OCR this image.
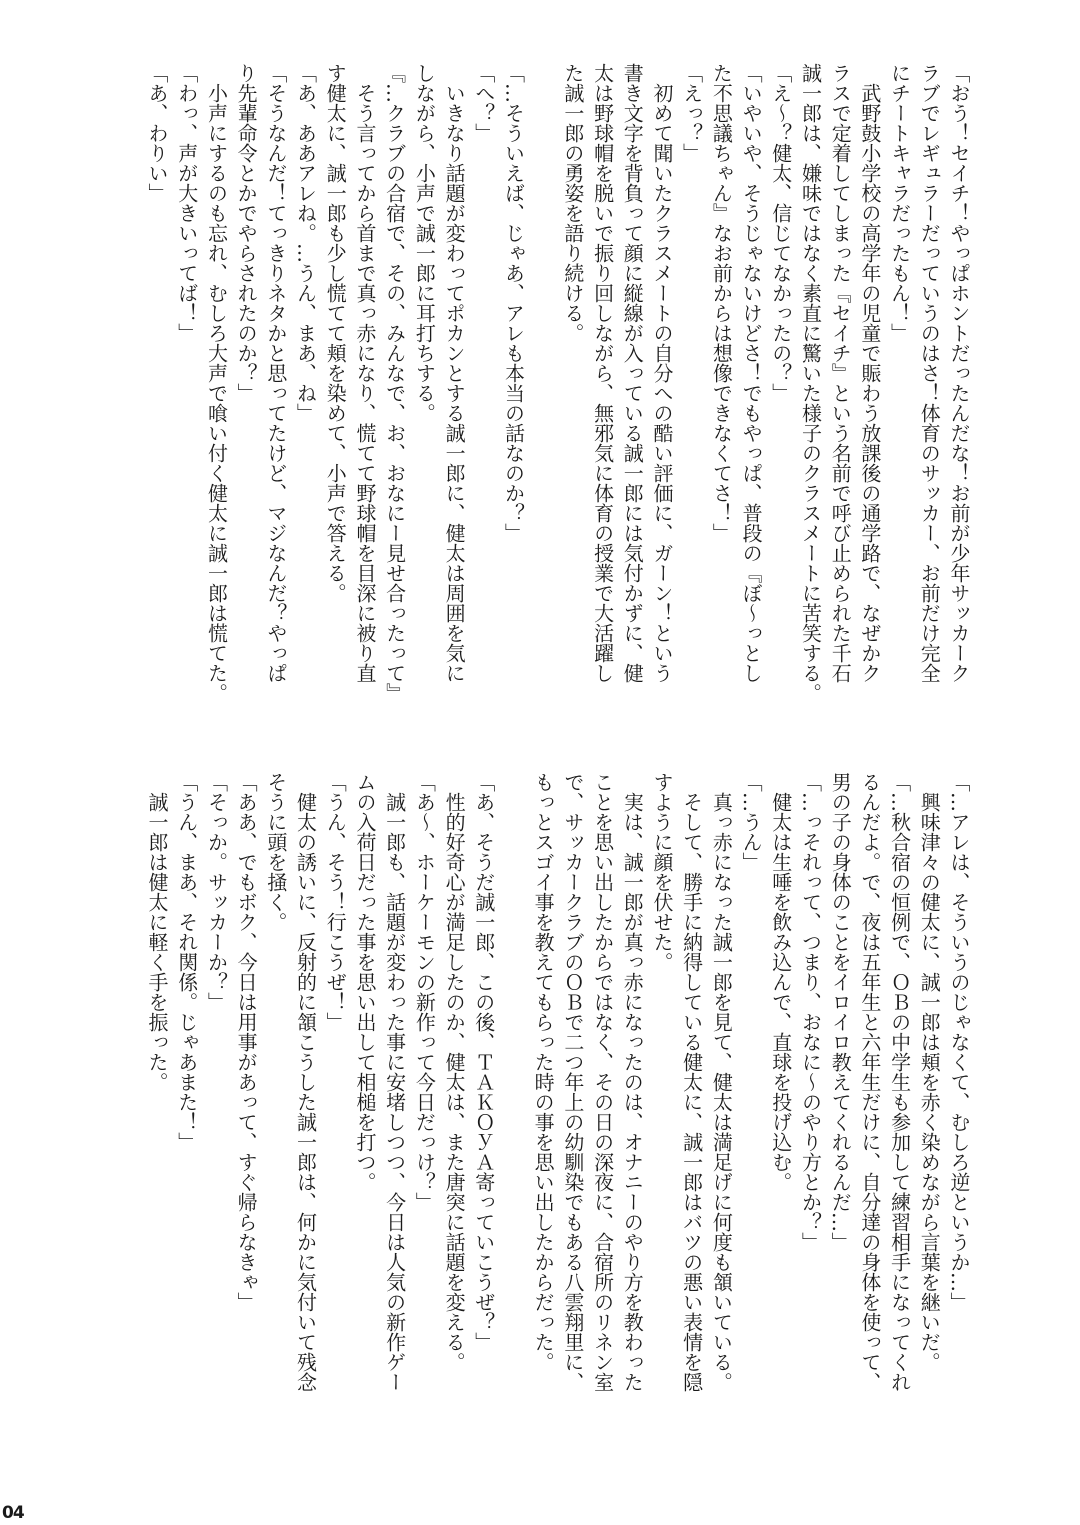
「おう！セイチ！やっぱホントだったんだな！お前が少年サッカーク
ラブでレギュラーだっていうのはさ！体育のサッカー、お前だけ完全
にチートキャラだったもん！」
　武野鼓小学校の高学年の児童で賑わう放課後の通学路で、なぜかク
ラスで定着してしまった『セイチ』という名前で呼び止められた千石
誠一郎は、嫌味ではなく素直に驚いた様子のクラスメートに苦笑する。
「え～？健太、信じてなかったの？」
「いやいや、そうじゃないけどさ！でもやっぱ、普段の『ぼ～っとし
た不思議ちゃん』なお前からは想像できなくてさ！」
「えっ？」
　初めて聞いたクラスメートの自分への酷い評価に、ガーン！という
書き文字を背負って顔に縦線が入っている誠一郎には気付かずに、健
太は野球帽を脱いで振り回しながら、無邪気に体育の授業で大活躍し
た誠一郎の勇姿を語り続ける。
「…そういえば、じゃあ、アレも本当の話なのか？」
「へ？」
　いきなり話題が変わってポカンとする誠一郎に、健太は周囲を気に
しながら、小声で誠一郎に耳打ちする。
『…クラブの合宿で、その、みんなで、お、おなにー見せ合ったって』
　そう言ってから首まで真っ赤になり、慌てて野球帽を目深に被り直
す健太に、誠一郎も少し慌てて頬を染めて、小声で答える。
「あ、ああアレね。…うん、まあ、ね」
「そうなんだ！てっきりネタかと思ってたけど、マジなんだ？やっぱ
り先輩命令とかでやらされたのか？」
　小声にするのも忘れ、むしろ大声で喰い付く健太に誠一郎は慌てた。
「わっ、声が大きいってば！」
「あ、わりい」
「…アレは、そういうのじゃなくて、むしろ逆というか…」
　興味津々の健太に、誠一郎は頬を赤く染めながら言葉を継いだ。
「…秋合宿の恒例で、ＯＢの中学生も参加して練習相手になってくれ
るんだよ。で、夜は五年生と六年生だけに、自分達の身体を使って、
男の子の身体のことをイロイロ教えてくれるんだ…」
「…っそれって、つまり、おなに～のやり方とか？」
　健太は生唾を飲み込んで、直球を投げ込む。
「…うん」
　真っ赤になった誠一郎を見て、健太は満足げに何度も頷いている。
　そして、勝手に納得している健太に、誠一郎はバツの悪い表情を隠
すように顔を伏せた。
　実は、誠一郎が真っ赤になったのは、オナニーのやり方を教わった
ことを思い出したからではなく、その日の深夜に、合宿所のリネン室
で、サッカークラブのＯＢで二つ年上の幼馴染でもある八雲翔里に、
もっとスゴイ事を教えてもらった時の事を思い出したからだった。
「あ、そうだ誠一郎、この後、ＴＡＫＯｙＡ寄っていこうぜ？」
　性的好奇心が満足したのか、健太は、また唐突に話題を変える。
「あ～、ホーケーモンの新作って今日だっけ？」
　誠一郎も、話題が変わった事に安堵しつつ、今日は人気の新作ゲー
ムの入荷日だった事を思い出して相槌を打つ。
「うん、そう！行こうぜ！」
　健太の誘いに、反射的に頷こうした誠一郎は、何かに気付いて残念
そうに頭を掻く。
「ああ、でもボク、今日は用事があって、すぐ帰らなきゃ」
「そっか。サッカーか？」
「うん、まあ、それ関係。じゃあまた！」
　誠一郎は健太に軽く手を振った。
04
